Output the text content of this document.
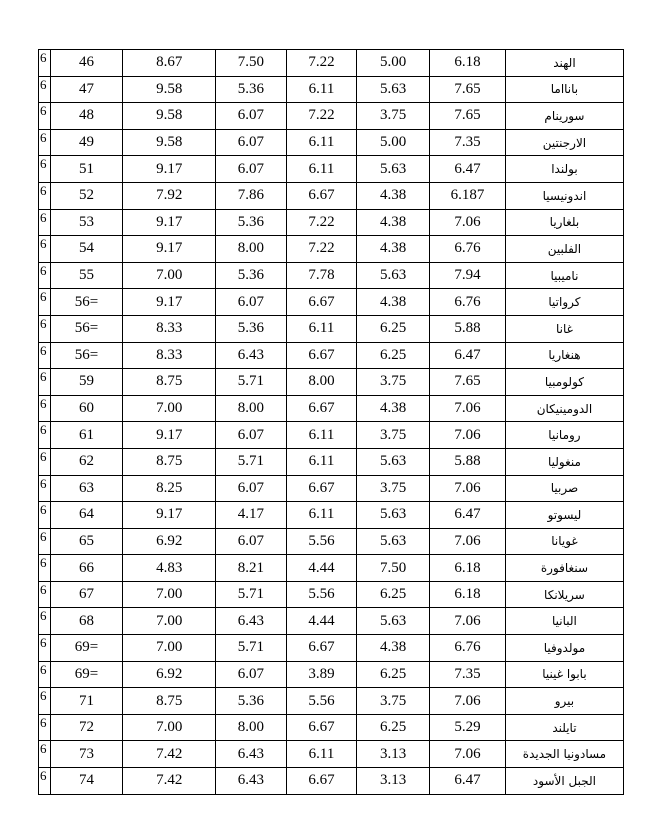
6	46	8.67	7.50	7.22	5.00	6.18	الهند
6	47	9.58	5.36	6.11	5.63	7.65	بانااما
6	48	9.58	6.07	7.22	3.75	7.65	سورينام
6	49	9.58	6.07	6.11	5.00	7.35	الارجنتين
6	51	9.17	6.07	6.11	5.63	6.47	بولندا
6	52	7.92	7.86	6.67	4.38	6.187	اندونيسيا
6	53	9.17	5.36	7.22	4.38	7.06	بلغاريا
6	54	9.17	8.00	7.22	4.38	6.76	الفلبين
6	55	7.00	5.36	7.78	5.63	7.94	ناميبيا
6	56=	9.17	6.07	6.67	4.38	6.76	كرواتيا
6	56=	8.33	5.36	6.11	6.25	5.88	غانا
6	56=	8.33	6.43	6.67	6.25	6.47	هنغاريا
6	59	8.75	5.71	8.00	3.75	7.65	كولومبيا
6	60	7.00	8.00	6.67	4.38	7.06	الدومينيكان
6	61	9.17	6.07	6.11	3.75	7.06	رومانيا
6	62	8.75	5.71	6.11	5.63	5.88	منغوليا
6	63	8.25	6.07	6.67	3.75	7.06	صربيا
6	64	9.17	4.17	6.11	5.63	6.47	ليسوتو
6	65	6.92	6.07	5.56	5.63	7.06	غويانا
6	66	4.83	8.21	4.44	7.50	6.18	سنغافورة
6	67	7.00	5.71	5.56	6.25	6.18	سريلانكا
6	68	7.00	6.43	4.44	5.63	7.06	البانيا
6	69=	7.00	5.71	6.67	4.38	6.76	مولدوفيا
6	69=	6.92	6.07	3.89	6.25	7.35	بابوا غينيا
6	71	8.75	5.36	5.56	3.75	7.06	بيرو
6	72	7.00	8.00	6.67	6.25	5.29	تايلند
6	73	7.42	6.43	6.11	3.13	7.06	مسادونيا الجديدة
6	74	7.42	6.43	6.67	3.13	6.47	الجبل الأسود
